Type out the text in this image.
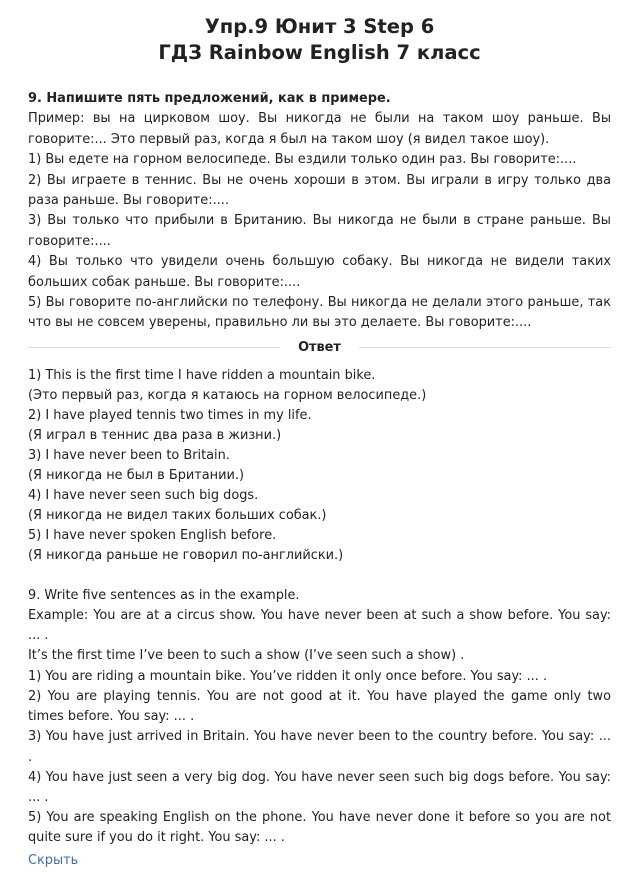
Упр.9 Юнит 3 Step 6
ГДЗ Rainbow English 7 класс
9. Напишите пять предложений, как в примере.

Пример: вы на цирковом шоу. Вы никогда не были на таком шоу раньше. Вы говорите:... Это первый раз, когда я был на таком шоу (я видел такое шоу).

1) Вы едете на горном велосипеде. Вы ездили только один раз. Вы говорите:....

2) Вы играете в теннис. Вы не очень хороши в этом. Вы играли в игру только два раза раньше. Вы говорите:....

3) Вы только что прибыли в Британию. Вы никогда не были в стране раньше. Вы говорите:....

4) Вы только что увидели очень большую собаку. Вы никогда не видели таких больших собак раньше. Вы говорите:....

5) Вы говорите по-английски по телефону. Вы никогда не делали этого раньше, так что вы не совсем уверены, правильно ли вы это делаете. Вы говорите:....

Ответ

1) This is the first time I have ridden a mountain bike.

(Это первый раз, когда я катаюсь на горном велосипеде.)

2) I have played tennis two times in my life.

(Я играл в теннис два раза в жизни.)

3) I have never been to Britain.

(Я никогда не был в Британии.)

4) I have never seen such big dogs.

(Я никогда не видел таких больших собак.)

5) I have never spoken English before.

(Я никогда раньше не говорил по-английски.)

9. Write five sentences as in the example.

Example: You are at a circus show. You have never been at such a show before. You say: ... .

It’s the first time I’ve been to such a show (I’ve seen such a show) .

1) You are riding a mountain bike. You’ve ridden it only once before. You say: ... .

2) You are playing tennis. You are not good at it. You have played the game only two times before. You say: ... .

3) You have just arrived in Britain. You have never been to the country before. You say: ... .

4) You have just seen a very big dog. You have never seen such big dogs before. You say: ... .

5) You are speaking English on the phone. You have never done it before so you are not quite sure if you do it right. You say: ... .

Скрыть
